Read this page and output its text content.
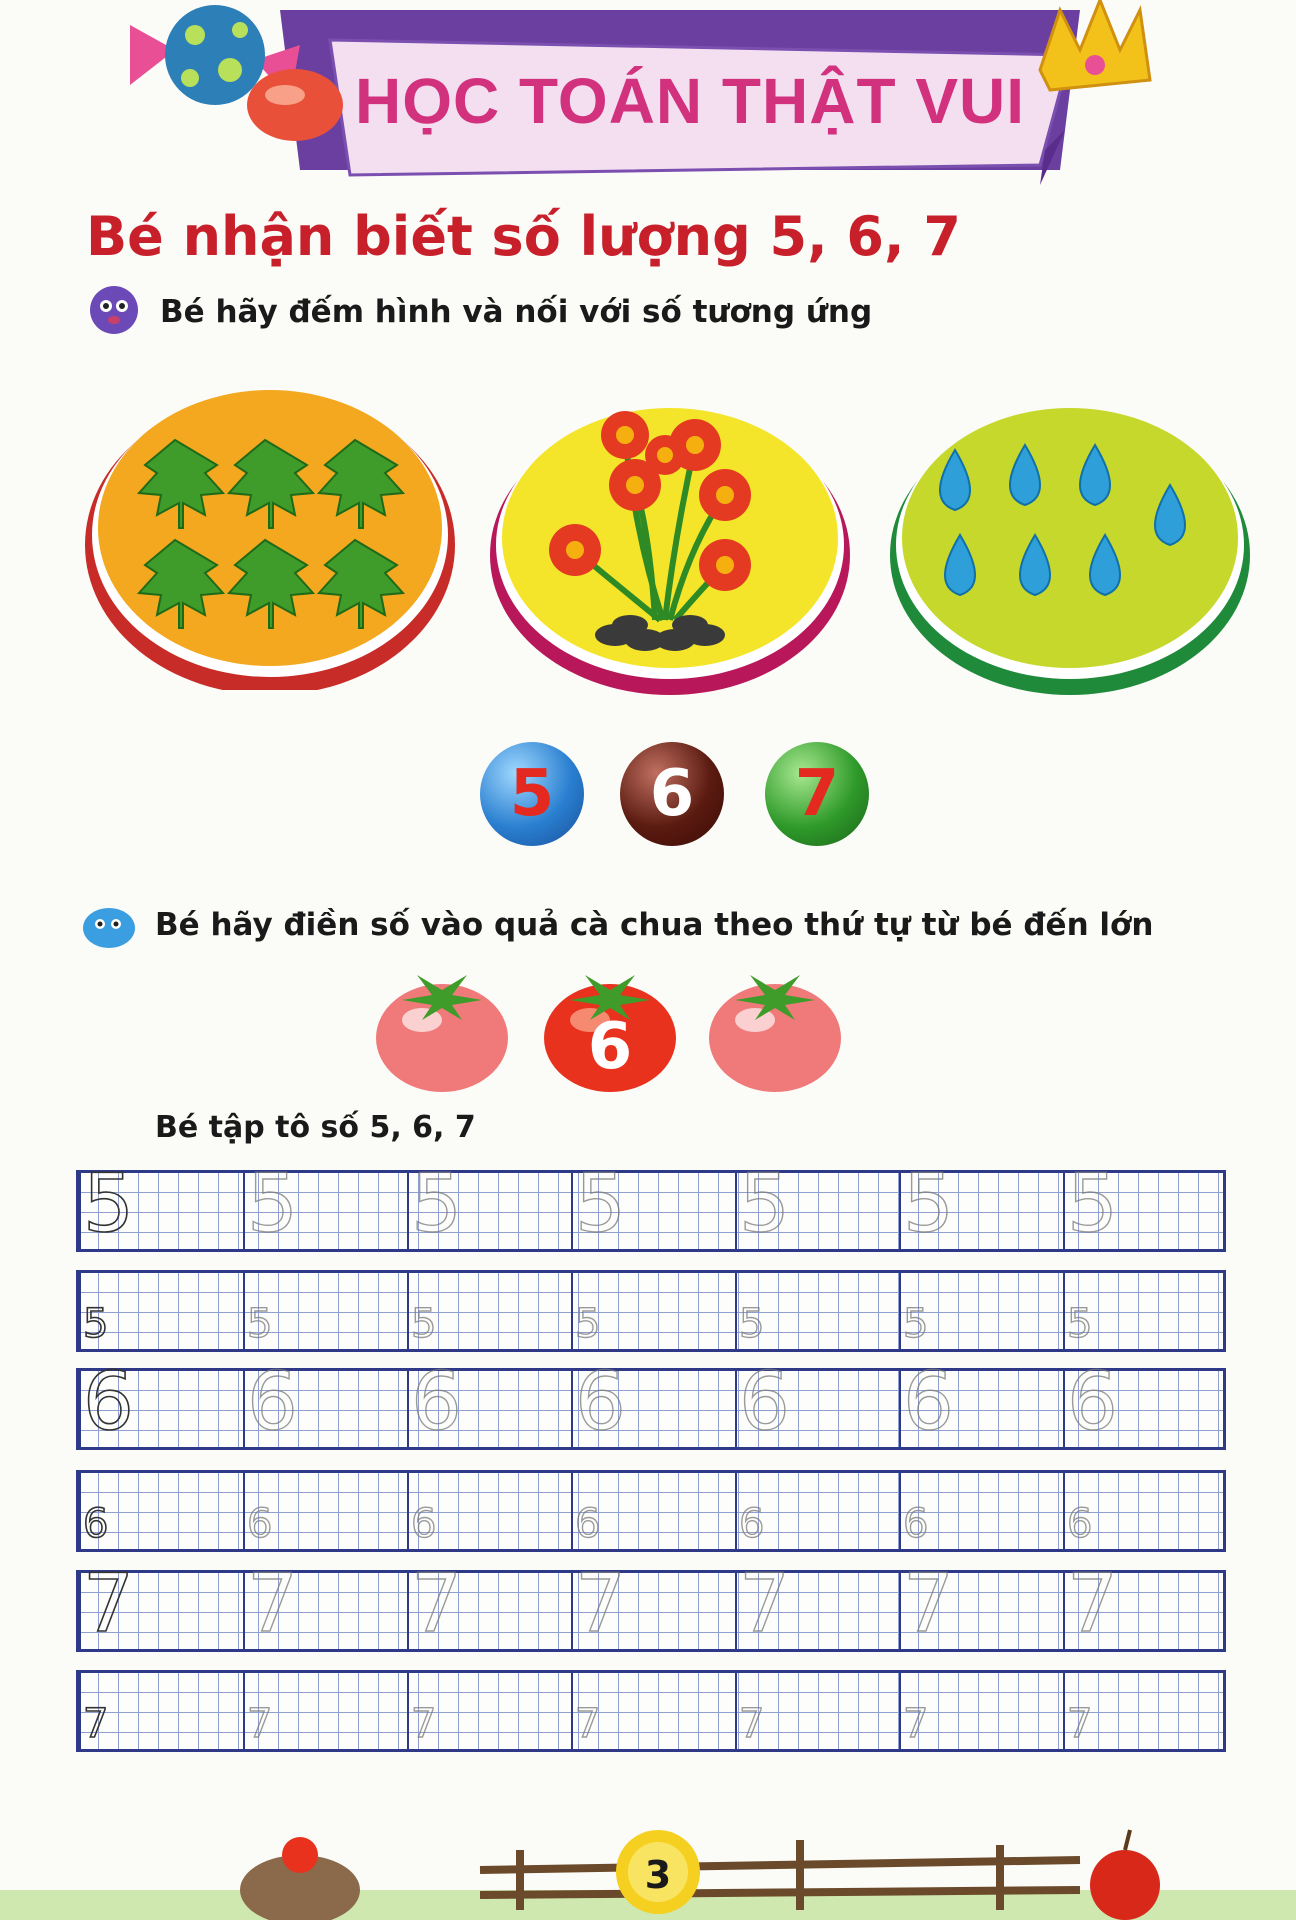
HỌC TOÁN THẬT VUI
Bé nhận biết số lượng 5, 6, 7
Bé hãy đếm hình và nối với số tương ứng
5 6 7
Bé hãy điền số vào quả cà chua theo thứ tự từ bé đến lớn
6
Bé tập tô số 5, 6, 7
5 5 5 5 5 5 5
5	5	5	5	5	5	5
6 6 6 6 6 6 6
6	6	6	6	6	6	6
7 7 7 7 7 7 7
7	7	7	7	7	7	7
3
